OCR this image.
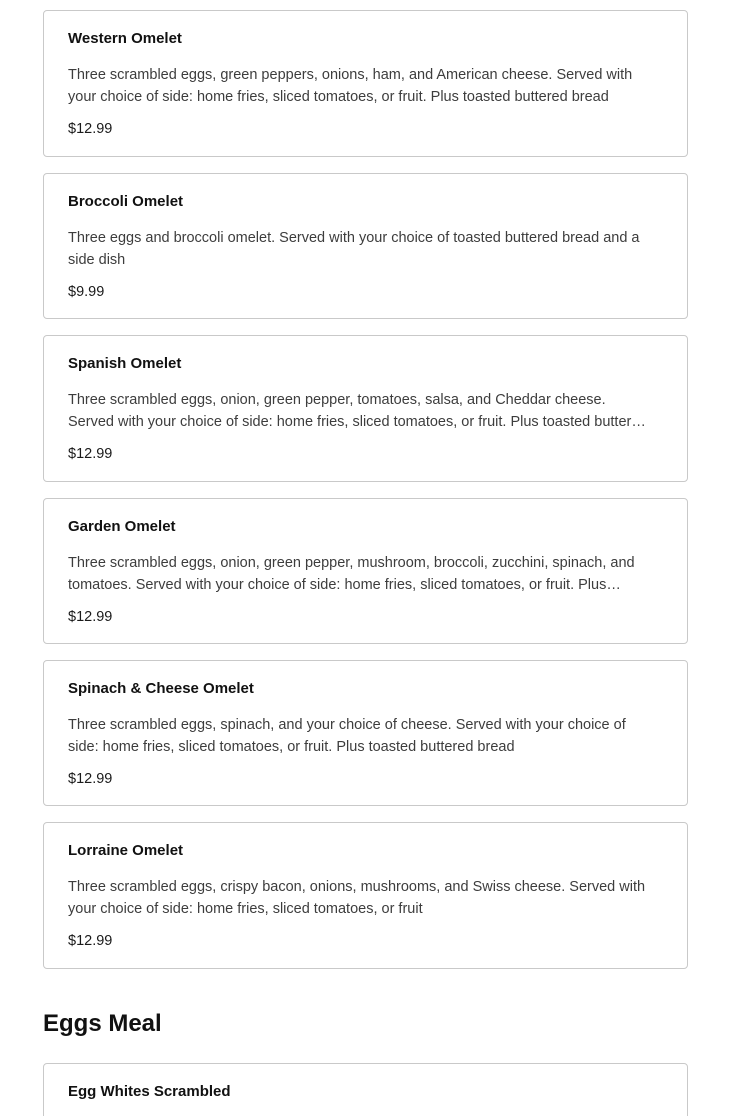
Western Omelet
Three scrambled eggs, green peppers, onions, ham, and American cheese. Served with
your choice of side: home fries, sliced tomatoes, or fruit. Plus toasted buttered bread
$12.99
Broccoli Omelet
Three eggs and broccoli omelet. Served with your choice of toasted buttered bread and a
side dish
$9.99
Spanish Omelet
Three scrambled eggs, onion, green pepper, tomatoes, salsa, and Cheddar cheese.
Served with your choice of side: home fries, sliced tomatoes, or fruit. Plus toasted butter…
$12.99
Garden Omelet
Three scrambled eggs, onion, green pepper, mushroom, broccoli, zucchini, spinach, and
tomatoes. Served with your choice of side: home fries, sliced tomatoes, or fruit. Plus…
$12.99
Spinach & Cheese Omelet
Three scrambled eggs, spinach, and your choice of cheese. Served with your choice of
side: home fries, sliced tomatoes, or fruit. Plus toasted buttered bread
$12.99
Lorraine Omelet
Three scrambled eggs, crispy bacon, onions, mushrooms, and Swiss cheese. Served with
your choice of side: home fries, sliced tomatoes, or fruit
$12.99
Eggs Meal
Egg Whites Scrambled
